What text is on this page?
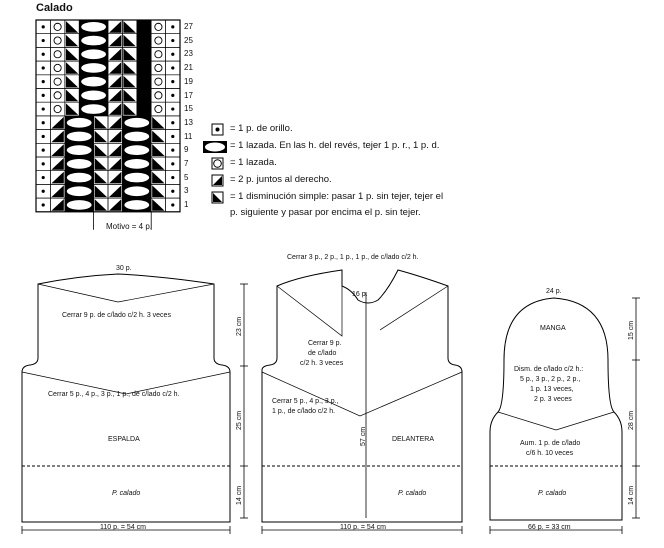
Calado
27
25
23
21
19
17
15
13
11
9
7
5
3
1
Motivo = 4 p.
= 1 p. de orillo.
= 1 lazada. En las h. del revés, tejer 1 p. r., 1 p. d.
= 1 lazada.
= 2 p. juntos al derecho.
= 1 disminución simple: pasar 1 p. sin tejer, tejer el
p. siguiente y pasar por encima el p. sin tejer.
30 p.
Cerrar 9 p. de c/lado c/2 h. 3 veces
Cerrar 5 p., 4 p., 3 p., 1 p., de c/lado c/2 h.
ESPALDA
P. calado
110 p. = 54 cm
23 cm
25 cm
14 cm
Cerrar 3 p., 2 p., 1 p., 1 p., de c/lado c/2 h.
16 p.
Cerrar 9 p.
de c/lado
c/2 h. 3 veces
Cerrar 5 p., 4 p., 3 p.,
1 p., de c/lado c/2 h.
DELANTERA
57 cm
P. calado
110 p. = 54 cm
24 p.
MANGA
Dism. de c/lado c/2 h.:
5 p., 3 p., 2 p., 2 p.,
1 p. 13 veces,
2 p. 3 veces
Aum. 1 p. de c/lado
c/6 h. 10 veces
P. calado
66 p. = 33 cm
15 cm
28 cm
14 cm
